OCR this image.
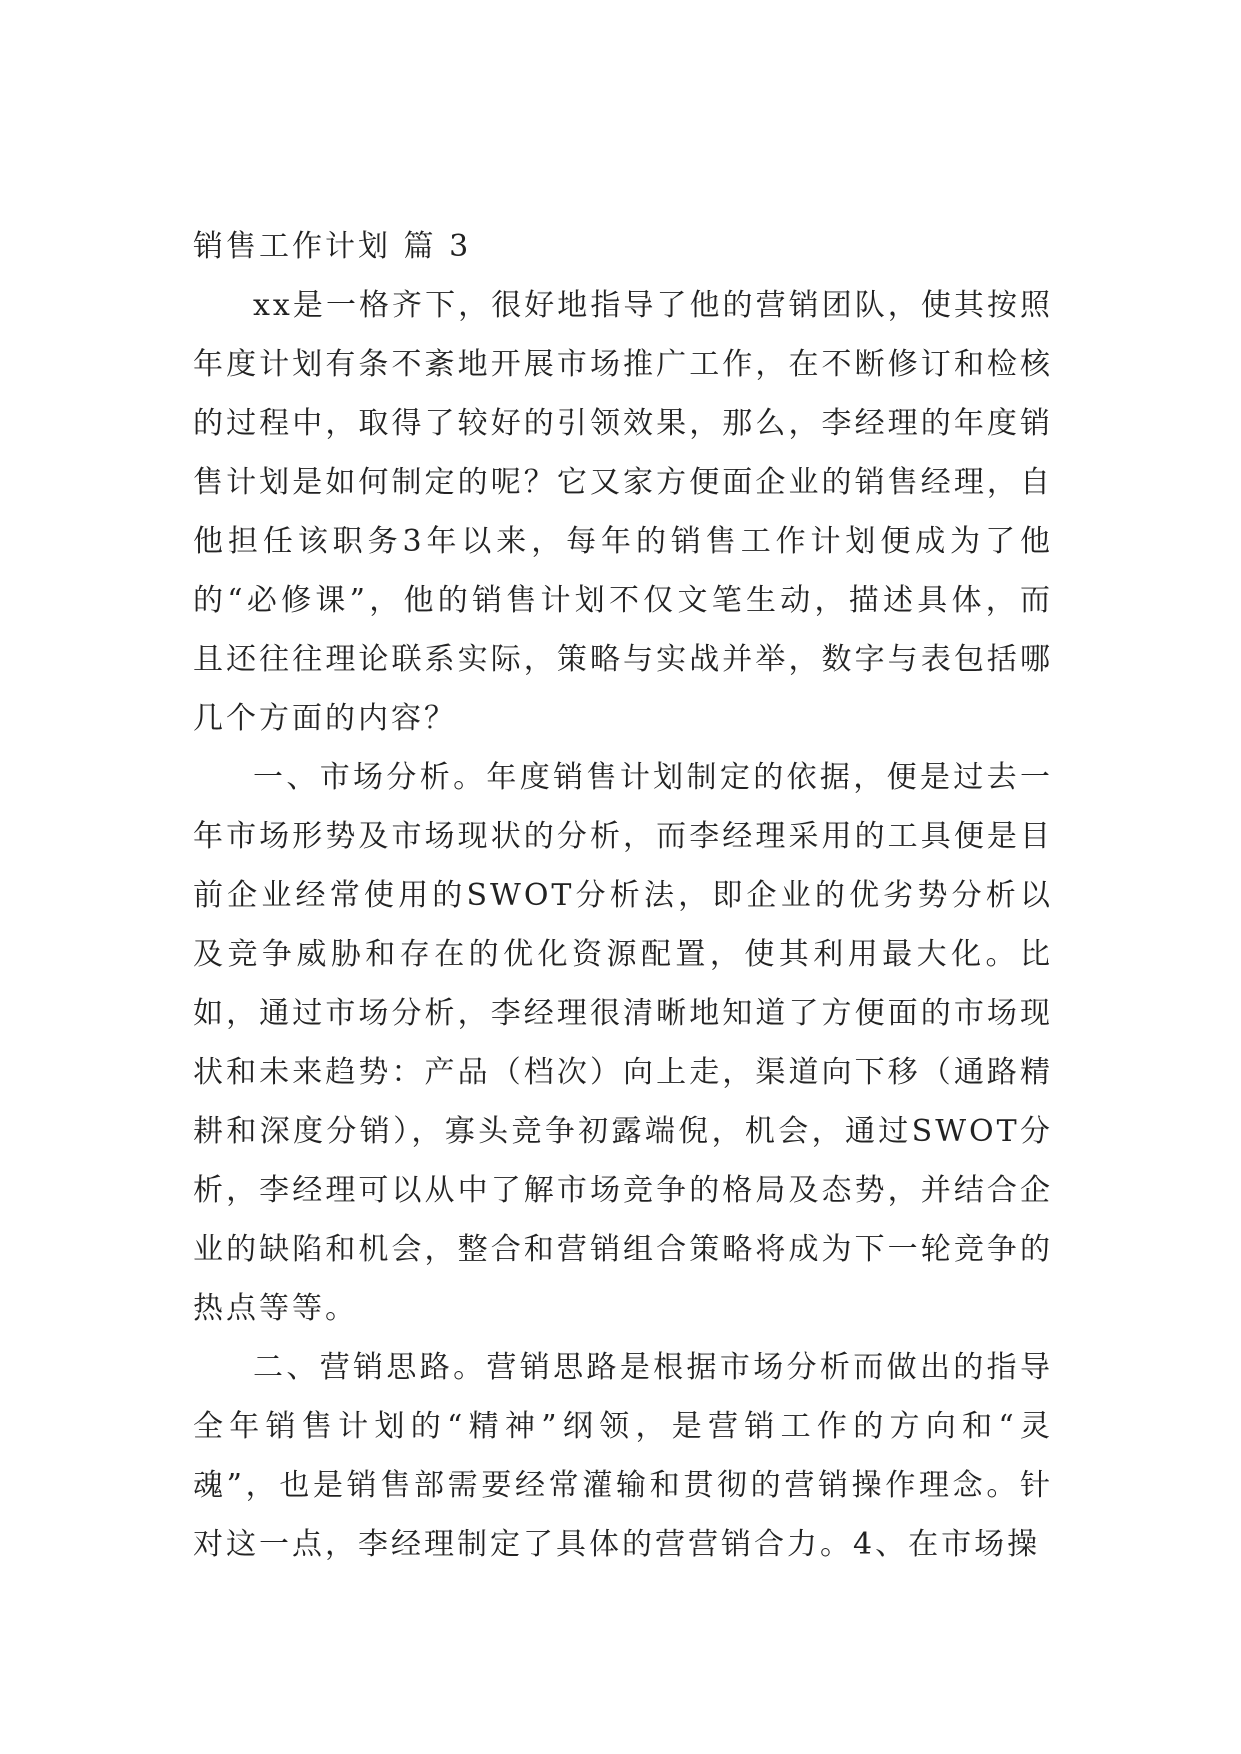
销售工作计划 篇 3

xx是一格齐下，很好地指导了他的营销团队，使其按照年度计划有条不紊地开展市场推广工作，在不断修订和检核的过程中，取得了较好的引领效果，那么，李经理的年度销售计划是如何制定的呢？它又家方便面企业的销售经理，自他担任该职务3年以来，每年的销售工作计划便成为了他的“必修课”，他的销售计划不仅文笔生动，描述具体，而且还往往理论联系实际，策略与实战并举，数字与表包括哪几个方面的内容？

一、市场分析。年度销售计划制定的依据，便是过去一年市场形势及市场现状的分析，而李经理采用的工具便是目前企业经常使用的SWOT分析法，即企业的优劣势分析以及竞争威胁和存在的优化资源配置，使其利用最大化。比如，通过市场分析，李经理很清晰地知道了方便面的市场现状和未来趋势：产品（档次）向上走，渠道向下移（通路精耕和深度分销），寡头竞争初露端倪，机会，通过SWOT分析，李经理可以从中了解市场竞争的格局及态势，并结合企业的缺陷和机会，整合和营销组合策略将成为下一轮竞争的热点等等。

二、营销思路。营销思路是根据市场分析而做出的指导全年销售计划的“精神”纲领，是营销工作的方向和“灵魂”，也是销售部需要经常灌输和贯彻的营销操作理念。针对这一点，李经理制定了具体的营营销合力。4、在市场操
